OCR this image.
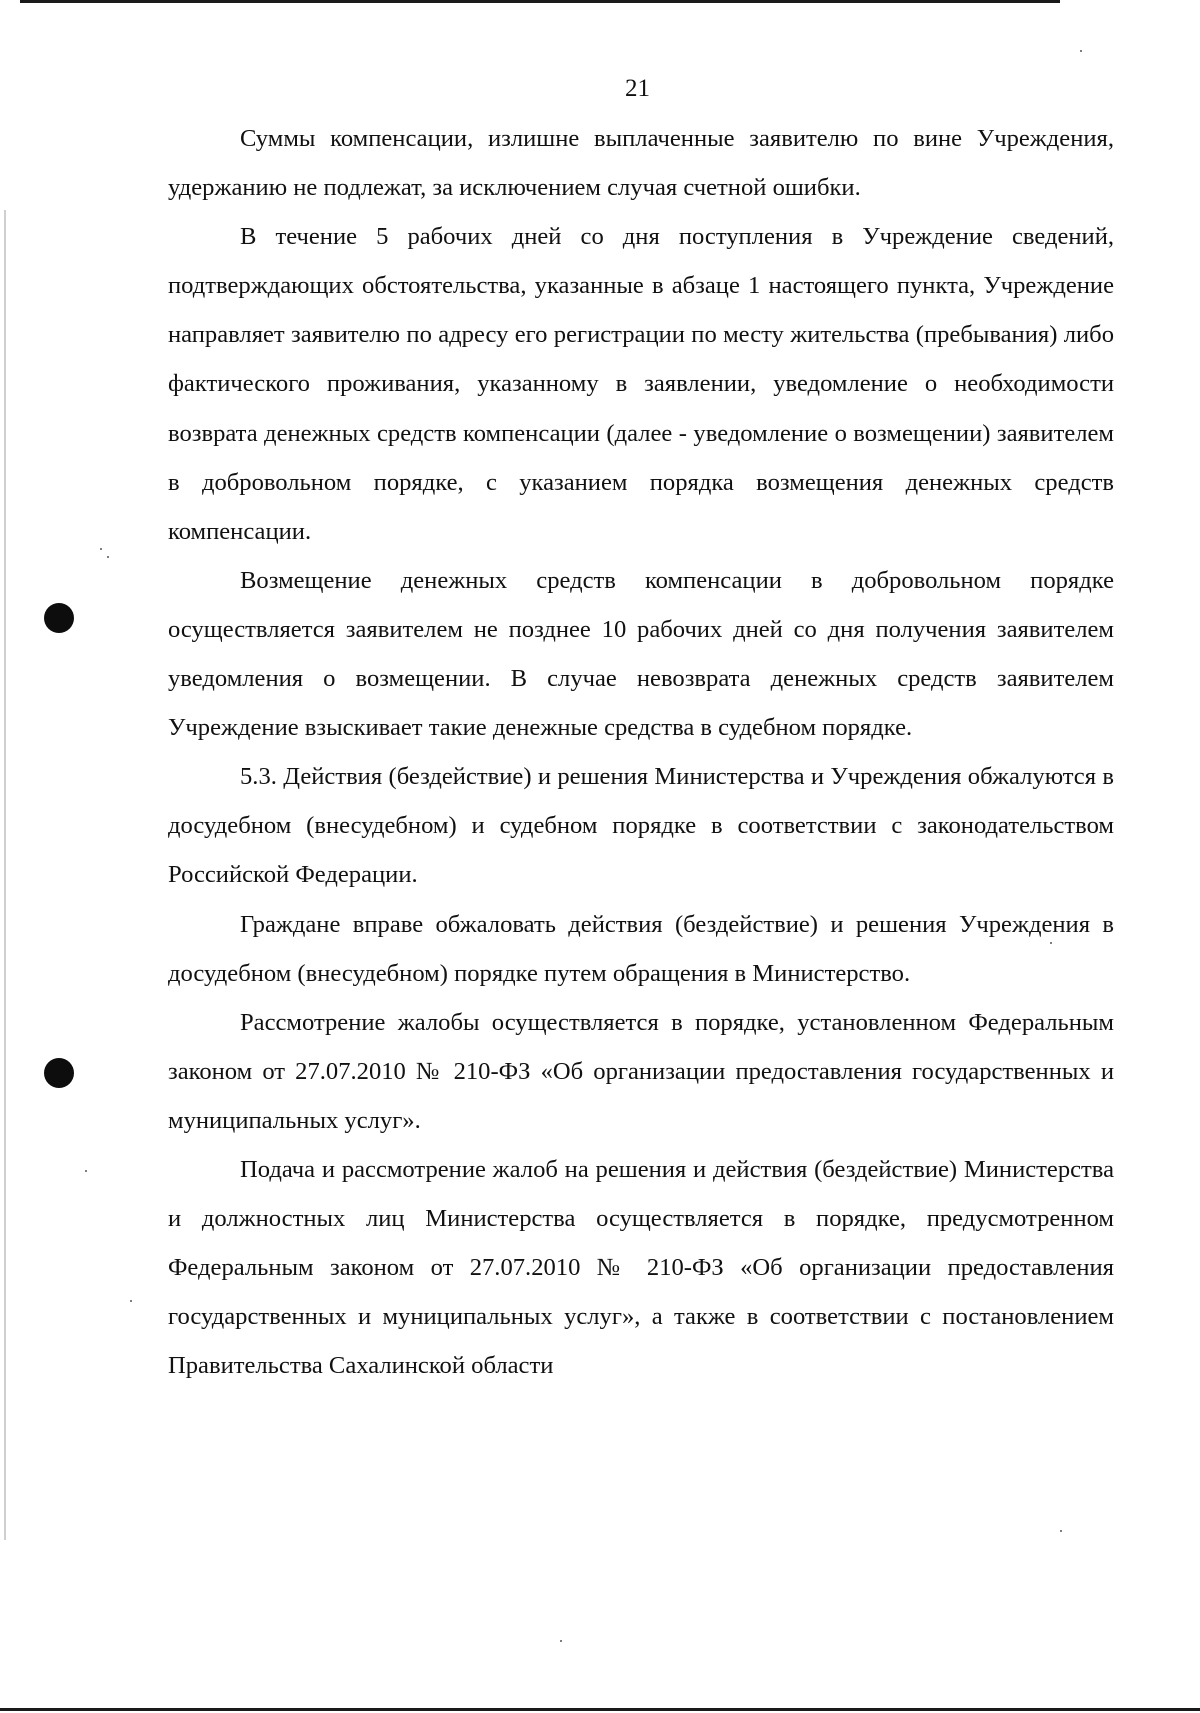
21

Суммы компенсации, излишне выплаченные заявителю по вине Учреждения, удержанию не подлежат, за исключением случая счетной ошибки.

В течение 5 рабочих дней со дня поступления в Учреждение сведений, подтверждающих обстоятельства, указанные в абзаце 1 настоящего пункта, Учреждение направляет заявителю по адресу его регистрации по месту жительства (пребывания) либо фактического проживания, указанному в заявлении, уведомление о необходимости возврата денежных средств компенсации (далее - уведомление о возмещении) заявителем в добровольном порядке, с указанием порядка возмещения денежных средств компенсации.

Возмещение денежных средств компенсации в добровольном порядке осуществляется заявителем не позднее 10 рабочих дней со дня получения заявителем уведомления о возмещении. В случае невозврата денежных средств заявителем Учреждение взыскивает такие денежные средства в судебном порядке.

5.3. Действия (бездействие) и решения Министерства и Учреждения обжалуются в досудебном (внесудебном) и судебном порядке в соответствии с законодательством Российской Федерации.

Граждане вправе обжаловать действия (бездействие) и решения Учреждения в досудебном (внесудебном) порядке путем обращения в Министерство.

Рассмотрение жалобы осуществляется в порядке, установленном Федеральным законом от 27.07.2010 № 210-ФЗ «Об организации предоставления государственных и муниципальных услуг».

Подача и рассмотрение жалоб на решения и действия (бездействие) Министерства и должностных лиц Министерства осуществляется в порядке, предусмотренном Федеральным законом от 27.07.2010 № 210-ФЗ «Об организации предоставления государственных и муниципальных услуг», а также в соответствии с постановлением Правительства Сахалинской области
